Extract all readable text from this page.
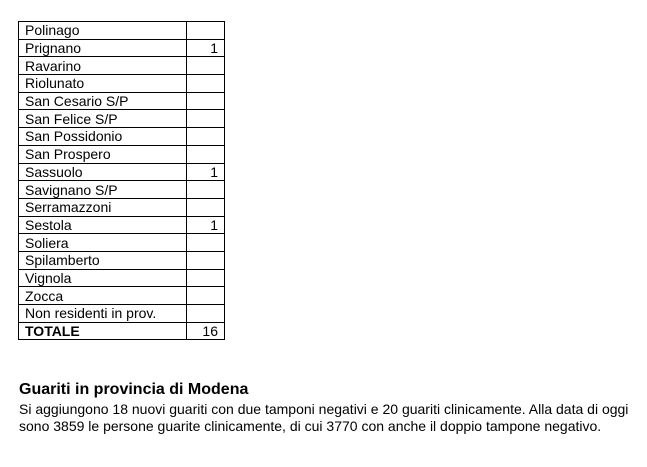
Polinago	
Prignano	1
Ravarino	
Riolunato	
San Cesario S/P	
San Felice S/P	
San Possidonio	
San Prospero	
Sassuolo	1
Savignano S/P	
Serramazzoni	
Sestola	1
Soliera	
Spilamberto	
Vignola	
Zocca	
Non residenti in prov.	
TOTALE	16
Guariti in provincia di Modena

Si aggiungono 18 nuovi guariti con due tamponi negativi e 20 guariti clinicamente. Alla data di oggi sono 3859 le persone guarite clinicamente, di cui 3770 con anche il doppio tampone negativo.
